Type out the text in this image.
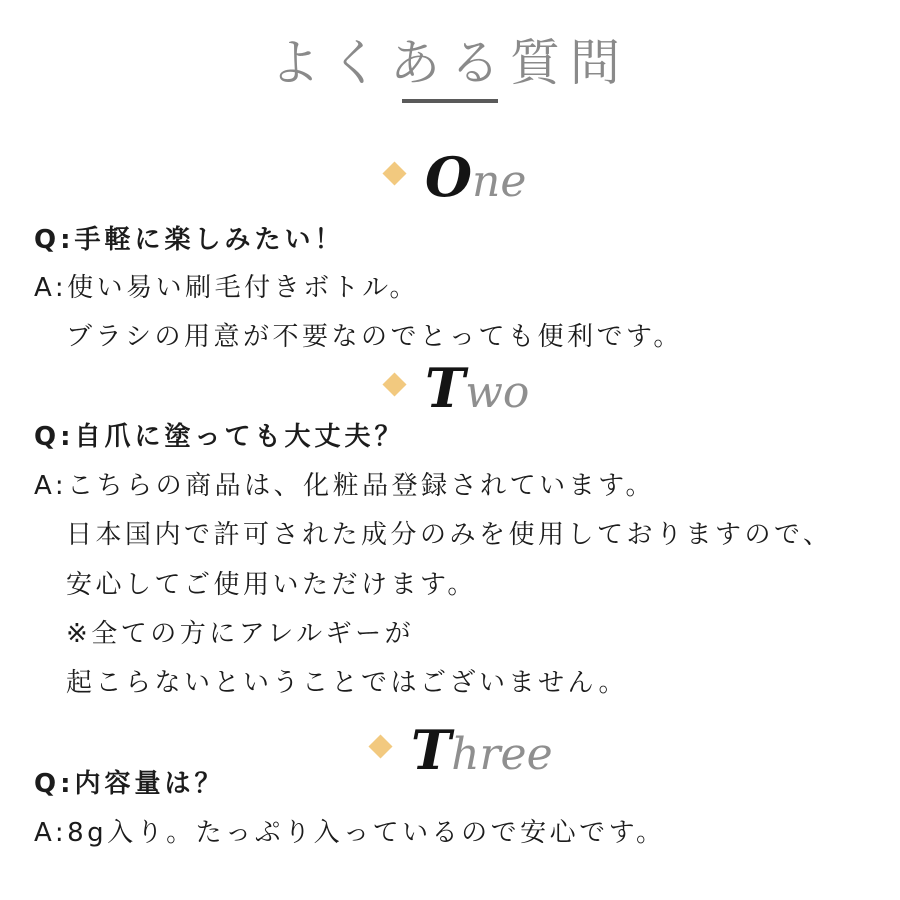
よくある質問
O ne
Q:手軽に楽しみたい！
A:使い易い刷毛付きボトル。
ブラシの用意が不要なのでとっても便利です。
T wo
Q:自爪に塗っても大丈夫？
A:こちらの商品は、化粧品登録されています。
日本国内で許可された成分のみを使用しておりますので、
安心してご使用いただけます。
※全ての方にアレルギーが
起こらないということではございません。
T hree
Q:内容量は？
A:8g入り。たっぷり入っているので安心です。
